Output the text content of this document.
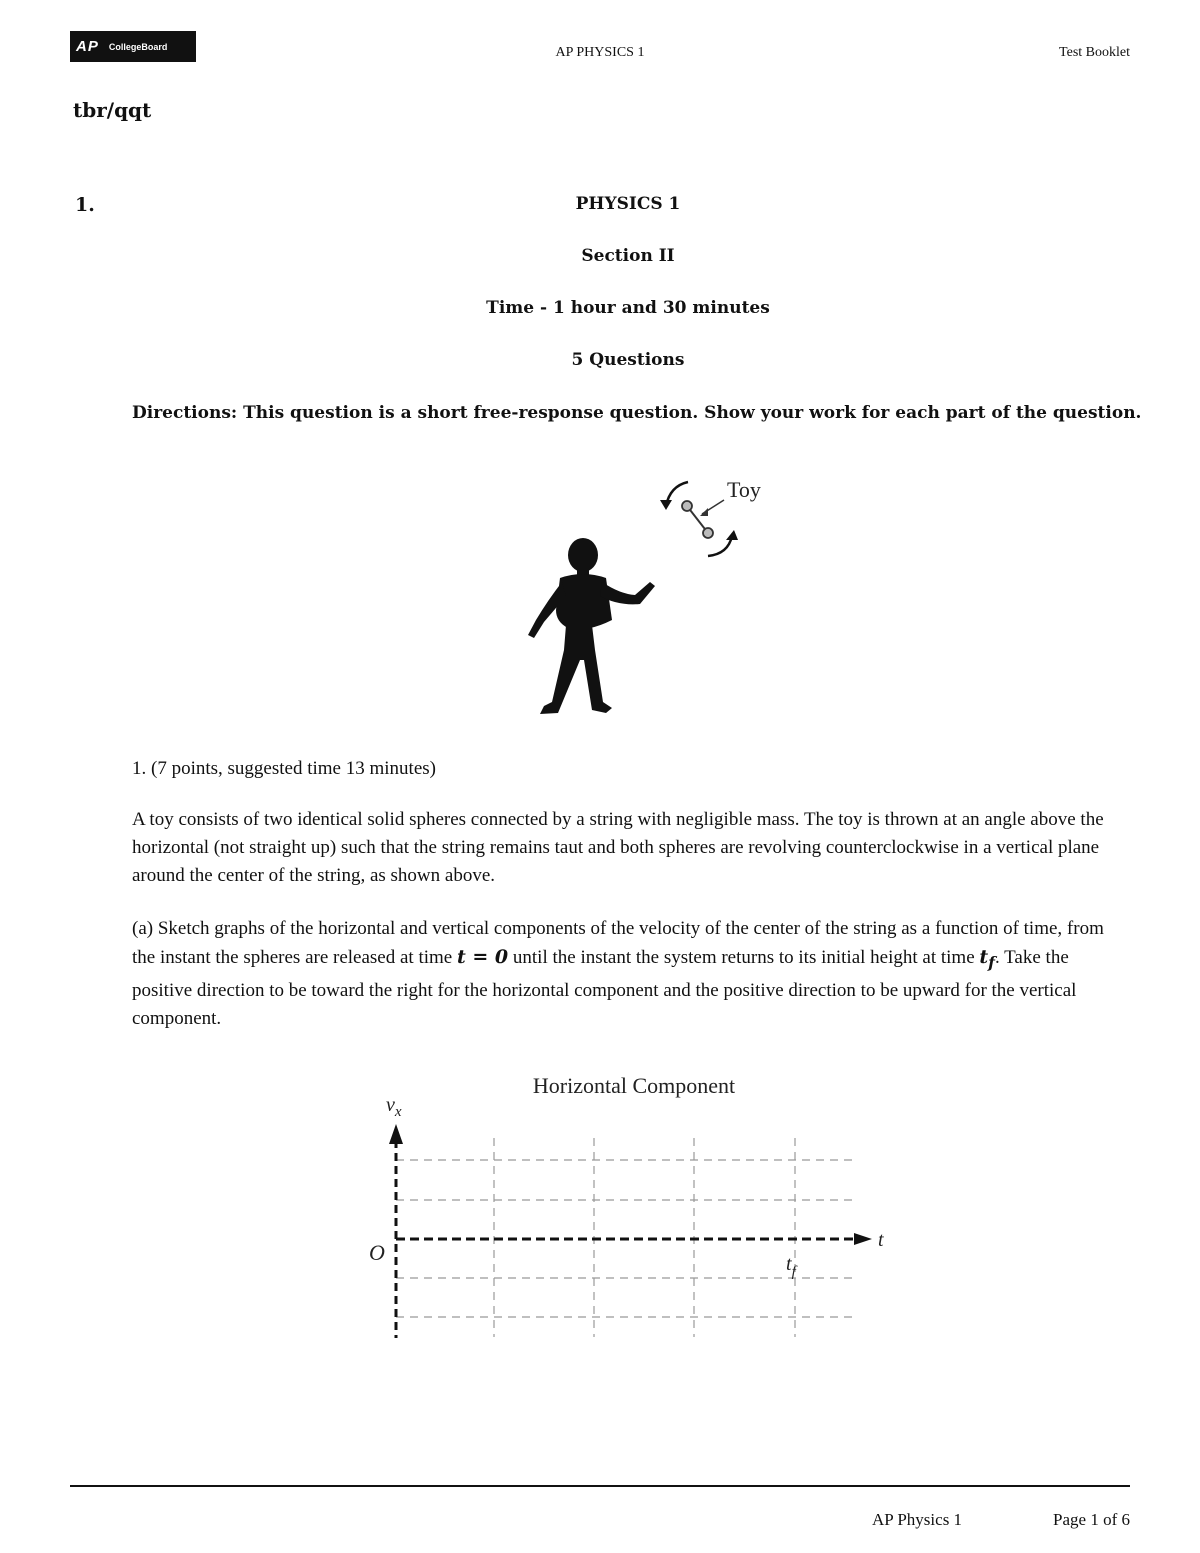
AP CollegeBoard	AP PHYSICS 1	Test Booklet
tbr/qqt
1.	PHYSICS 1
Section II
Time - 1 hour and 30 minutes
5 Questions
Directions: This question is a short free-response question. Show your work for each part of the question.
Toy
1. (7 points, suggested time 13 minutes)
A toy consists of two identical solid spheres connected by a string with negligible mass. The toy is thrown at an angle above the horizontal (not straight up) such that the string remains taut and both spheres are revolving counterclockwise in a vertical plane around the center of the string, as shown above.
(a) Sketch graphs of the horizontal and vertical components of the velocity of the center of the string as a function of time, from the instant the spheres are released at time t = 0 until the instant the system returns to its initial height at time $t_f$. Take the positive direction to be toward the right for the horizontal component and the positive direction to be upward for the vertical component.
Horizontal Component
$v_x$
O	t
$t_f$
AP Physics 1	Page 1 of 6
